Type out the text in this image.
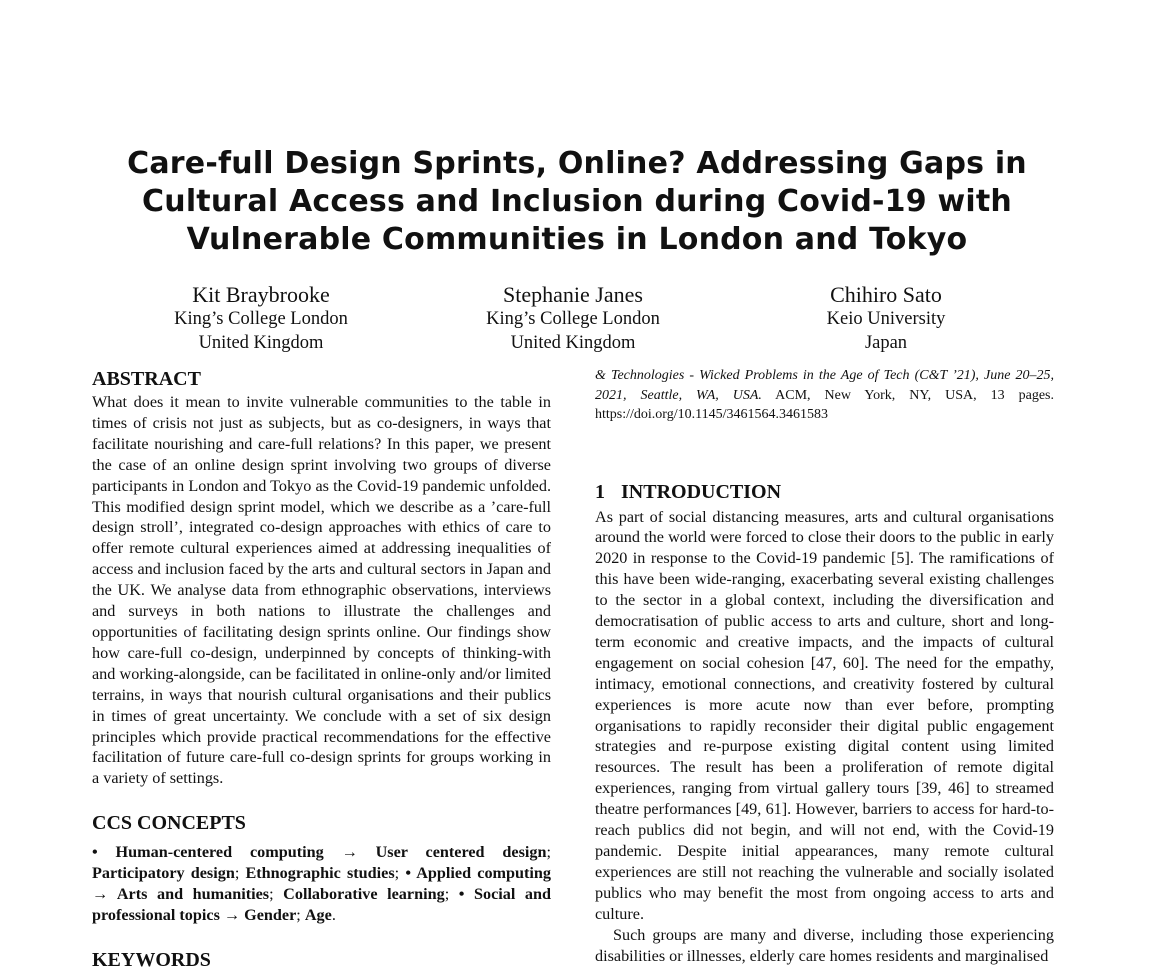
Care-full Design Sprints, Online? Addressing Gaps in Cultural Access and Inclusion during Covid-19 with Vulnerable Communities in London and Tokyo
Kit Braybrooke
King’s College London
United Kingdom
Stephanie Janes
King’s College London
United Kingdom
Chihiro Sato
Keio University
Japan
ABSTRACT

What does it mean to invite vulnerable communities to the table in times of crisis not just as subjects, but as co-designers, in ways that facilitate nourishing and care-full relations? In this paper, we present the case of an online design sprint involving two groups of diverse participants in London and Tokyo as the Covid-19 pandemic unfolded. This modified design sprint model, which we describe as a ’care-full design stroll’, integrated co-design approaches with ethics of care to offer remote cultural experiences aimed at addressing inequalities of access and inclusion faced by the arts and cultural sectors in Japan and the UK. We analyse data from ethnographic observations, interviews and surveys in both nations to illustrate the challenges and opportunities of facilitating design sprints online. Our findings show how care-full co-design, underpinned by concepts of thinking-with and working-alongside, can be facilitated in online-only and/or limited terrains, in ways that nourish cultural organisations and their publics in times of great uncertainty. We conclude with a set of six design principles which provide practical recommendations for the effective facilitation of future care-full co-design sprints for groups working in a variety of settings.

CCS CONCEPTS

• Human-centered computing → User centered design; Participatory design; Ethnographic studies; • Applied computing → Arts and humanities; Collaborative learning; • Social and professional topics → Gender; Age.

KEYWORDS

& Technologies - Wicked Problems in the Age of Tech (C&T ’21), June 20–25, 2021, Seattle, WA, USA. ACM, New York, NY, USA, 13 pages. https://doi.org/10.1145/3461564.3461583

1 INTRODUCTION

As part of social distancing measures, arts and cultural organisations around the world were forced to close their doors to the public in early 2020 in response to the Covid-19 pandemic [5]. The ramifications of this have been wide-ranging, exacerbating several existing challenges to the sector in a global context, including the diversification and democratisation of public access to arts and culture, short and long-term economic and creative impacts, and the impacts of cultural engagement on social cohesion [47, 60]. The need for the empathy, intimacy, emotional connections, and creativity fostered by cultural experiences is more acute now than ever before, prompting organisations to rapidly reconsider their digital public engagement strategies and re-purpose existing digital content using limited resources. The result has been a proliferation of remote digital experiences, ranging from virtual gallery tours [39, 46] to streamed theatre performances [49, 61]. However, barriers to access for hard-to-reach publics did not begin, and will not end, with the Covid-19 pandemic. Despite initial appearances, many remote cultural experiences are still not reaching the vulnerable and socially isolated publics who may benefit the most from ongoing access to arts and culture.

Such groups are many and diverse, including those experiencing disabilities or illnesses, elderly care homes residents and marginalised
